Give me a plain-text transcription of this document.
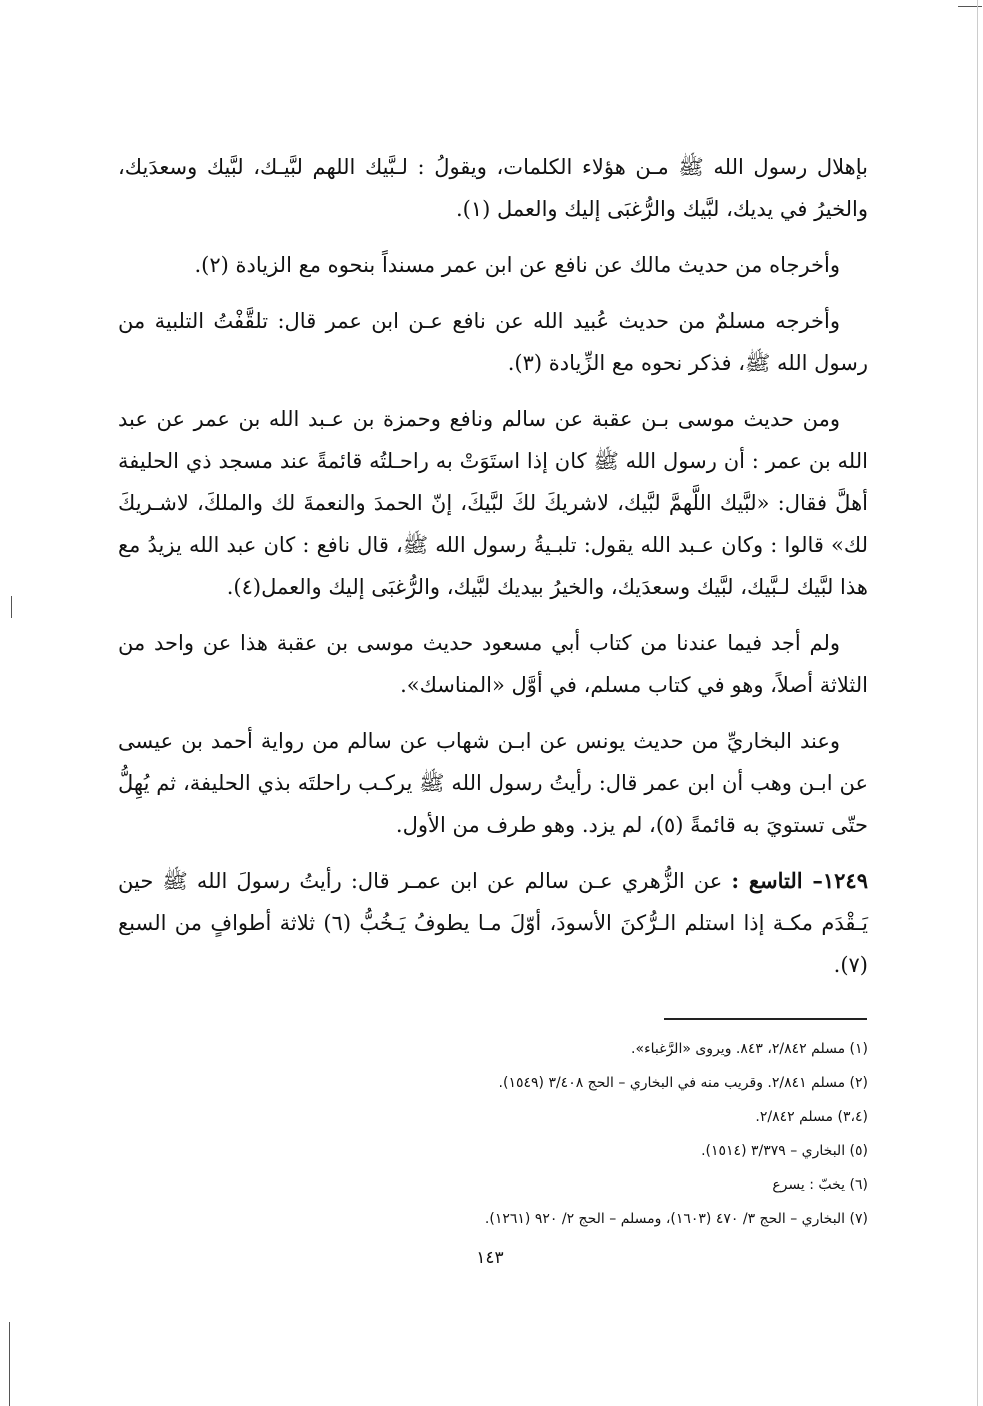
بإهلال رسول الله ﷺ مـن هؤلاء الكلمات، ويقولُ : لـبَّيك اللهم لبَّيـك، لبَّيك وسعدَيك، والخيرُ في يديك، لبَّيك والرُّغبَى إليك والعمل (١).

وأخرجاه من حديث مالك عن نافع عن ابن عمر مسنداً بنحوه مع الزيادة (٢).

وأخرجه مسلمٌ من حديث عُبيد الله عن نافع عـن ابن عمر قال: تلقَّفْتُ التلبية من رسول الله ﷺ، فذكر نحوه مع الزِّيادة (٣).

ومن حديث موسى بـن عقبة عن سالم ونافع وحمزة بن عـبد الله بن عمر عن عبد الله بن عمر : أن رسول الله ﷺ كان إذا استَوَتْ به راحـلتُه قائمةً عند مسجد ذي الحليفة أهلَّ فقال: «لبَّيك اللَّهمَّ لبَّيك، لاشريكَ لكَ لبَّيكَ، إنّ الحمدَ والنعمةَ لك والملكَ، لاشـريكَ لك» قالوا : وكان عـبد الله يقول: تلبـيةُ رسول الله ﷺ، قال نافع : كان عبد الله يزيدُ مع هذا لبَّيك لـبَّيك، لبَّيك وسعدَيك، والخيرُ بيديك لبَّيك، والرُّغبَى إليك والعمل(٤).

ولم أجد فيما عندنا من كتاب أبي مسعود حديث موسى بن عقبة هذا عن واحد من الثلاثة أصلاً، وهو في كتاب مسلم، في أوَّل «المناسك».

وعند البخاريِّ من حديث يونس عن ابـن شهاب عن سالم من رواية أحمد بن عيسى عن ابـن وهب أن ابن عمر قال: رأيتُ رسول الله ﷺ يركـب راحلتَه بذي الحليفة، ثم يُهِلُّ حتّى تستويَ به قائمةً (٥)، لم يزد. وهو طرف من الأول.

١٢٤٩– التاسع : عن الزُّهري عـن سالم عن ابن عمـر قال: رأيتُ رسولَ الله ﷺ حين يَـقْدَم مكـة إذا استلم الـرُّكنَ الأسودَ، أوّلَ مـا يطوفُ يَـخُبُّ (٦) ثلاثة أطوافٍ من السبع (٧).

(١) مسلم ٢/٨٤٢، ٨٤٣. ويروى «الرَّغباء».

(٢) مسلم ٢/٨٤١. وقريب منه في البخاري – الحج ٣/٤٠٨ (١٥٤٩).

(٣،٤) مسلم ٢/٨٤٢.

(٥) البخاري – ٣/٣٧٩ (١٥١٤).

(٦) يخبّ : يسرع

(٧) البخاري – الحج ٣/ ٤٧٠ (١٦٠٣)، ومسلم – الحج ٢/ ٩٢٠ (١٢٦١).

١٤٣
